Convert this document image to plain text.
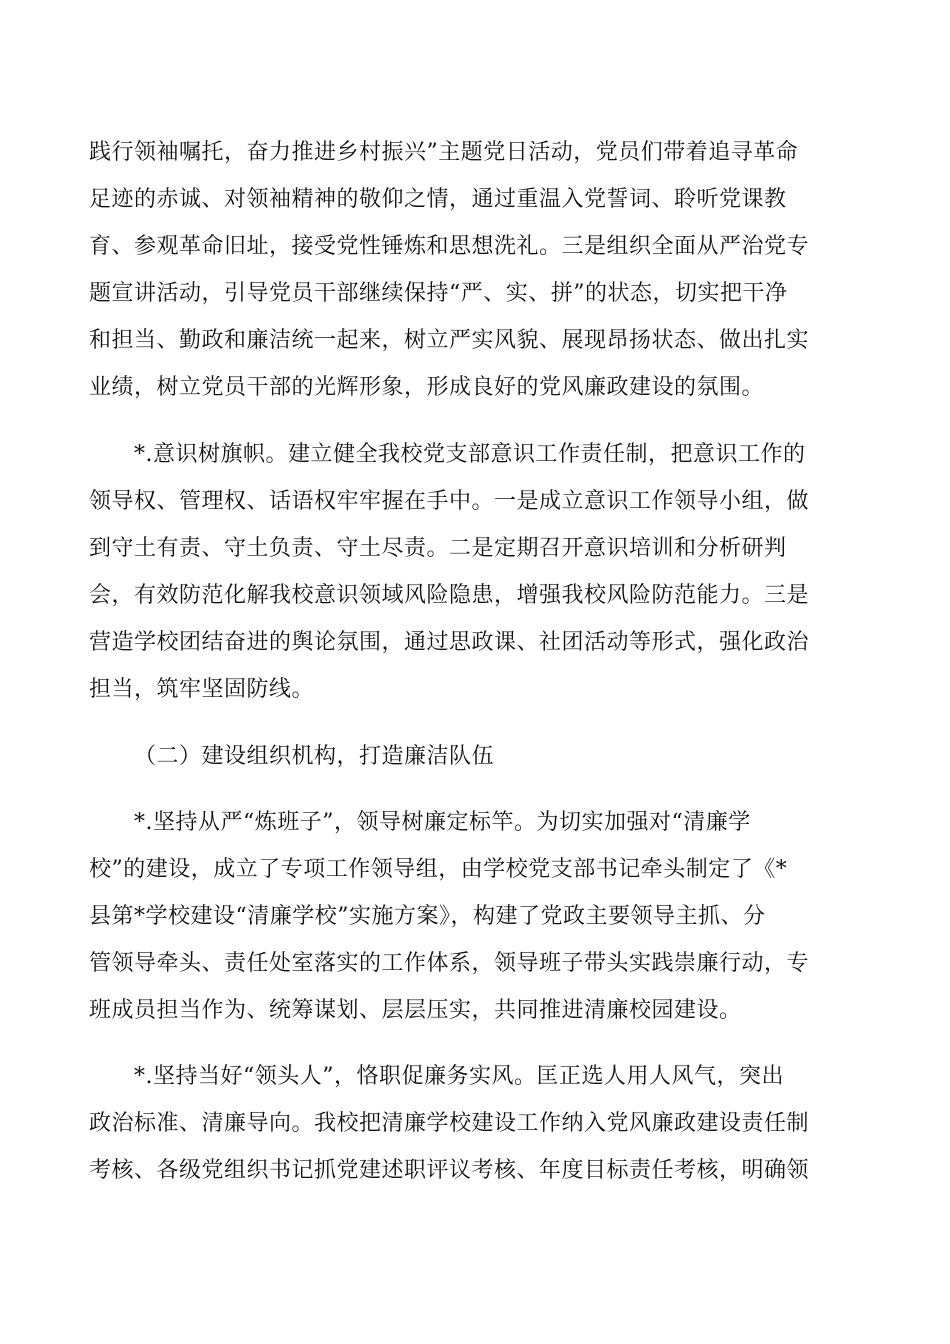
践行领袖嘱托，奋力推进乡村振兴”主题党日活动，党员们带着追寻革命
足迹的赤诚、对领袖精神的敬仰之情，通过重温入党誓词、聆听党课教
育、参观革命旧址，接受党性锤炼和思想洗礼。三是组织全面从严治党专
题宣讲活动，引导党员干部继续保持“严、实、拼”的状态，切实把干净
和担当、勤政和廉洁统一起来，树立严实风貌、展现昂扬状态、做出扎实
业绩，树立党员干部的光辉形象，形成良好的党风廉政建设的氛围。
*.意识树旗帜。建立健全我校党支部意识工作责任制，把意识工作的
领导权、管理权、话语权牢牢握在手中。一是成立意识工作领导小组，做
到守土有责、守土负责、守土尽责。二是定期召开意识培训和分析研判
会，有效防范化解我校意识领域风险隐患，增强我校风险防范能力。三是
营造学校团结奋进的舆论氛围，通过思政课、社团活动等形式，强化政治
担当，筑牢坚固防线。
（二）建设组织机构，打造廉洁队伍
*.坚持从严“炼班子”，领导树廉定标竿。为切实加强对“清廉学
校”的建设，成立了专项工作领导组，由学校党支部书记牵头制定了《*
县第*学校建设“清廉学校”实施方案》，构建了党政主要领导主抓、分
管领导牵头、责任处室落实的工作体系，领导班子带头实践崇廉行动，专
班成员担当作为、统筹谋划、层层压实，共同推进清廉校园建设。
*.坚持当好“领头人”，恪职促廉务实风。匡正选人用人风气，突出
政治标准、清廉导向。我校把清廉学校建设工作纳入党风廉政建设责任制
考核、各级党组织书记抓党建述职评议考核、年度目标责任考核，明确领
